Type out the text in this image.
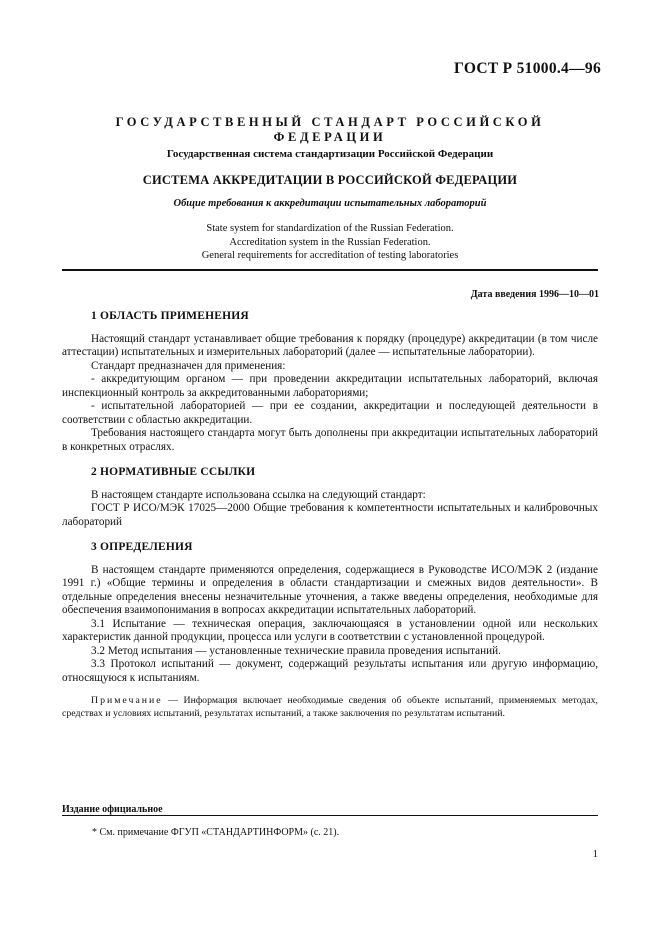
ГОСТ Р 51000.4—96
ГОСУДАРСТВЕННЫЙ СТАНДАРТ РОССИЙСКОЙ ФЕДЕРАЦИИ
Государственная система стандартизации Российской Федерации
СИСТЕМА АККРЕДИТАЦИИ В РОССИЙСКОЙ ФЕДЕРАЦИИ
Общие требования к аккредитации испытательных лабораторий
State system for standardization of the Russian Federation.
Accreditation system in the Russian Federation.
General requirements for accreditation of testing laboratories
Дата введения 1996—10—01
1 ОБЛАСТЬ ПРИМЕНЕНИЯ

Настоящий стандарт устанавливает общие требования к порядку (процедуре) аккредитации (в том числе аттестации) испытательных и измерительных лабораторий (далее — испытательные лаборатории).

Стандарт предназначен для применения:

- аккредитующим органом — при проведении аккредитации испытательных лабораторий, включая инспекционный контроль за аккредитованными лабораториями;

- испытательной лабораторией — при ее создании, аккредитации и последующей деятельности в соответствии с областью аккредитации.

Требования настоящего стандарта могут быть дополнены при аккредитации испытательных лабораторий в конкретных отраслях.

2 НОРМАТИВНЫЕ ССЫЛКИ

В настоящем стандарте использована ссылка на следующий стандарт:

ГОСТ Р ИСО/МЭК 17025—2000 Общие требования к компетентности испытательных и калибровочных лабораторий

3 ОПРЕДЕЛЕНИЯ

В настоящем стандарте применяются определения, содержащиеся в Руководстве ИСО/МЭК 2 (издание 1991 г.) «Общие термины и определения в области стандартизации и смежных видов деятельности». В отдельные определения внесены незначительные уточнения, а также введены определения, необходимые для обеспечения взаимопонимания в вопросах аккредитации испытательных лабораторий.

3.1 Испытание — техническая операция, заключающаяся в установлении одной или нескольких характеристик данной продукции, процесса или услуги в соответствии с установленной процедурой.

3.2 Метод испытания — установленные технические правила проведения испытаний.

3.3 Протокол испытаний — документ, содержащий результаты испытания или другую информацию, относящуюся к испытаниям.

Примечание — Информация включает необходимые сведения об объекте испытаний, применяемых методах, средствах и условиях испытаний, результатах испытаний, а также заключения по результатам испытаний.

Издание официальное
* См. примечание ФГУП «СТАНДАРТИНФОРМ» (с. 21).
1
